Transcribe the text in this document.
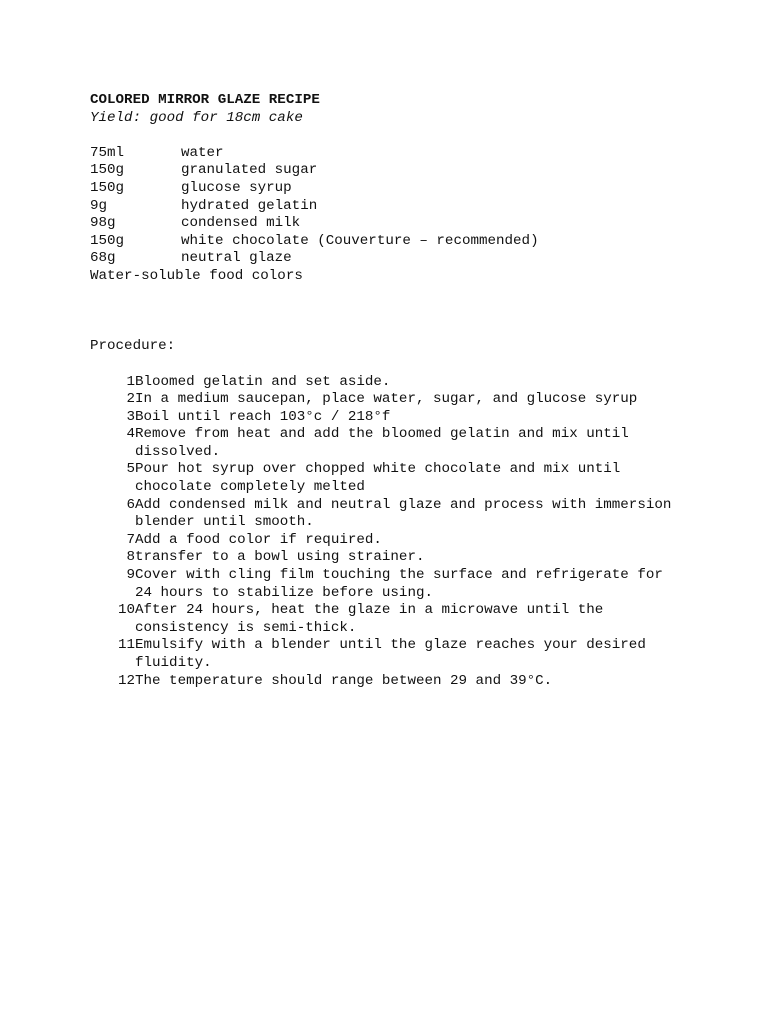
COLORED MIRROR GLAZE RECIPE
Yield: good for 18cm cake
75ml	water
150g	granulated sugar
150g	glucose syrup
9g	hydrated gelatin
98g	condensed milk
150g	white chocolate (Couverture – recommended)
68g	neutral glaze
Water-soluble food colors
Procedure:
1 Bloomed gelatin and set aside.
2 In a medium saucepan, place water, sugar, and glucose syrup
3 Boil until reach 103°c / 218°f
4 Remove from heat and add the bloomed gelatin and mix until dissolved.
5 Pour hot syrup over chopped white chocolate and mix until chocolate completely melted
6 Add condensed milk and neutral glaze and process with immersion blender until smooth.
7 Add a food color if required.
8 transfer to a bowl using strainer.
9 Cover with cling film touching the surface and refrigerate for 24 hours to stabilize before using.
10 After 24 hours, heat the glaze in a microwave until the consistency is semi-thick.
11 Emulsify with a blender until the glaze reaches your desired fluidity.
12 The temperature should range between 29 and 39°C.
